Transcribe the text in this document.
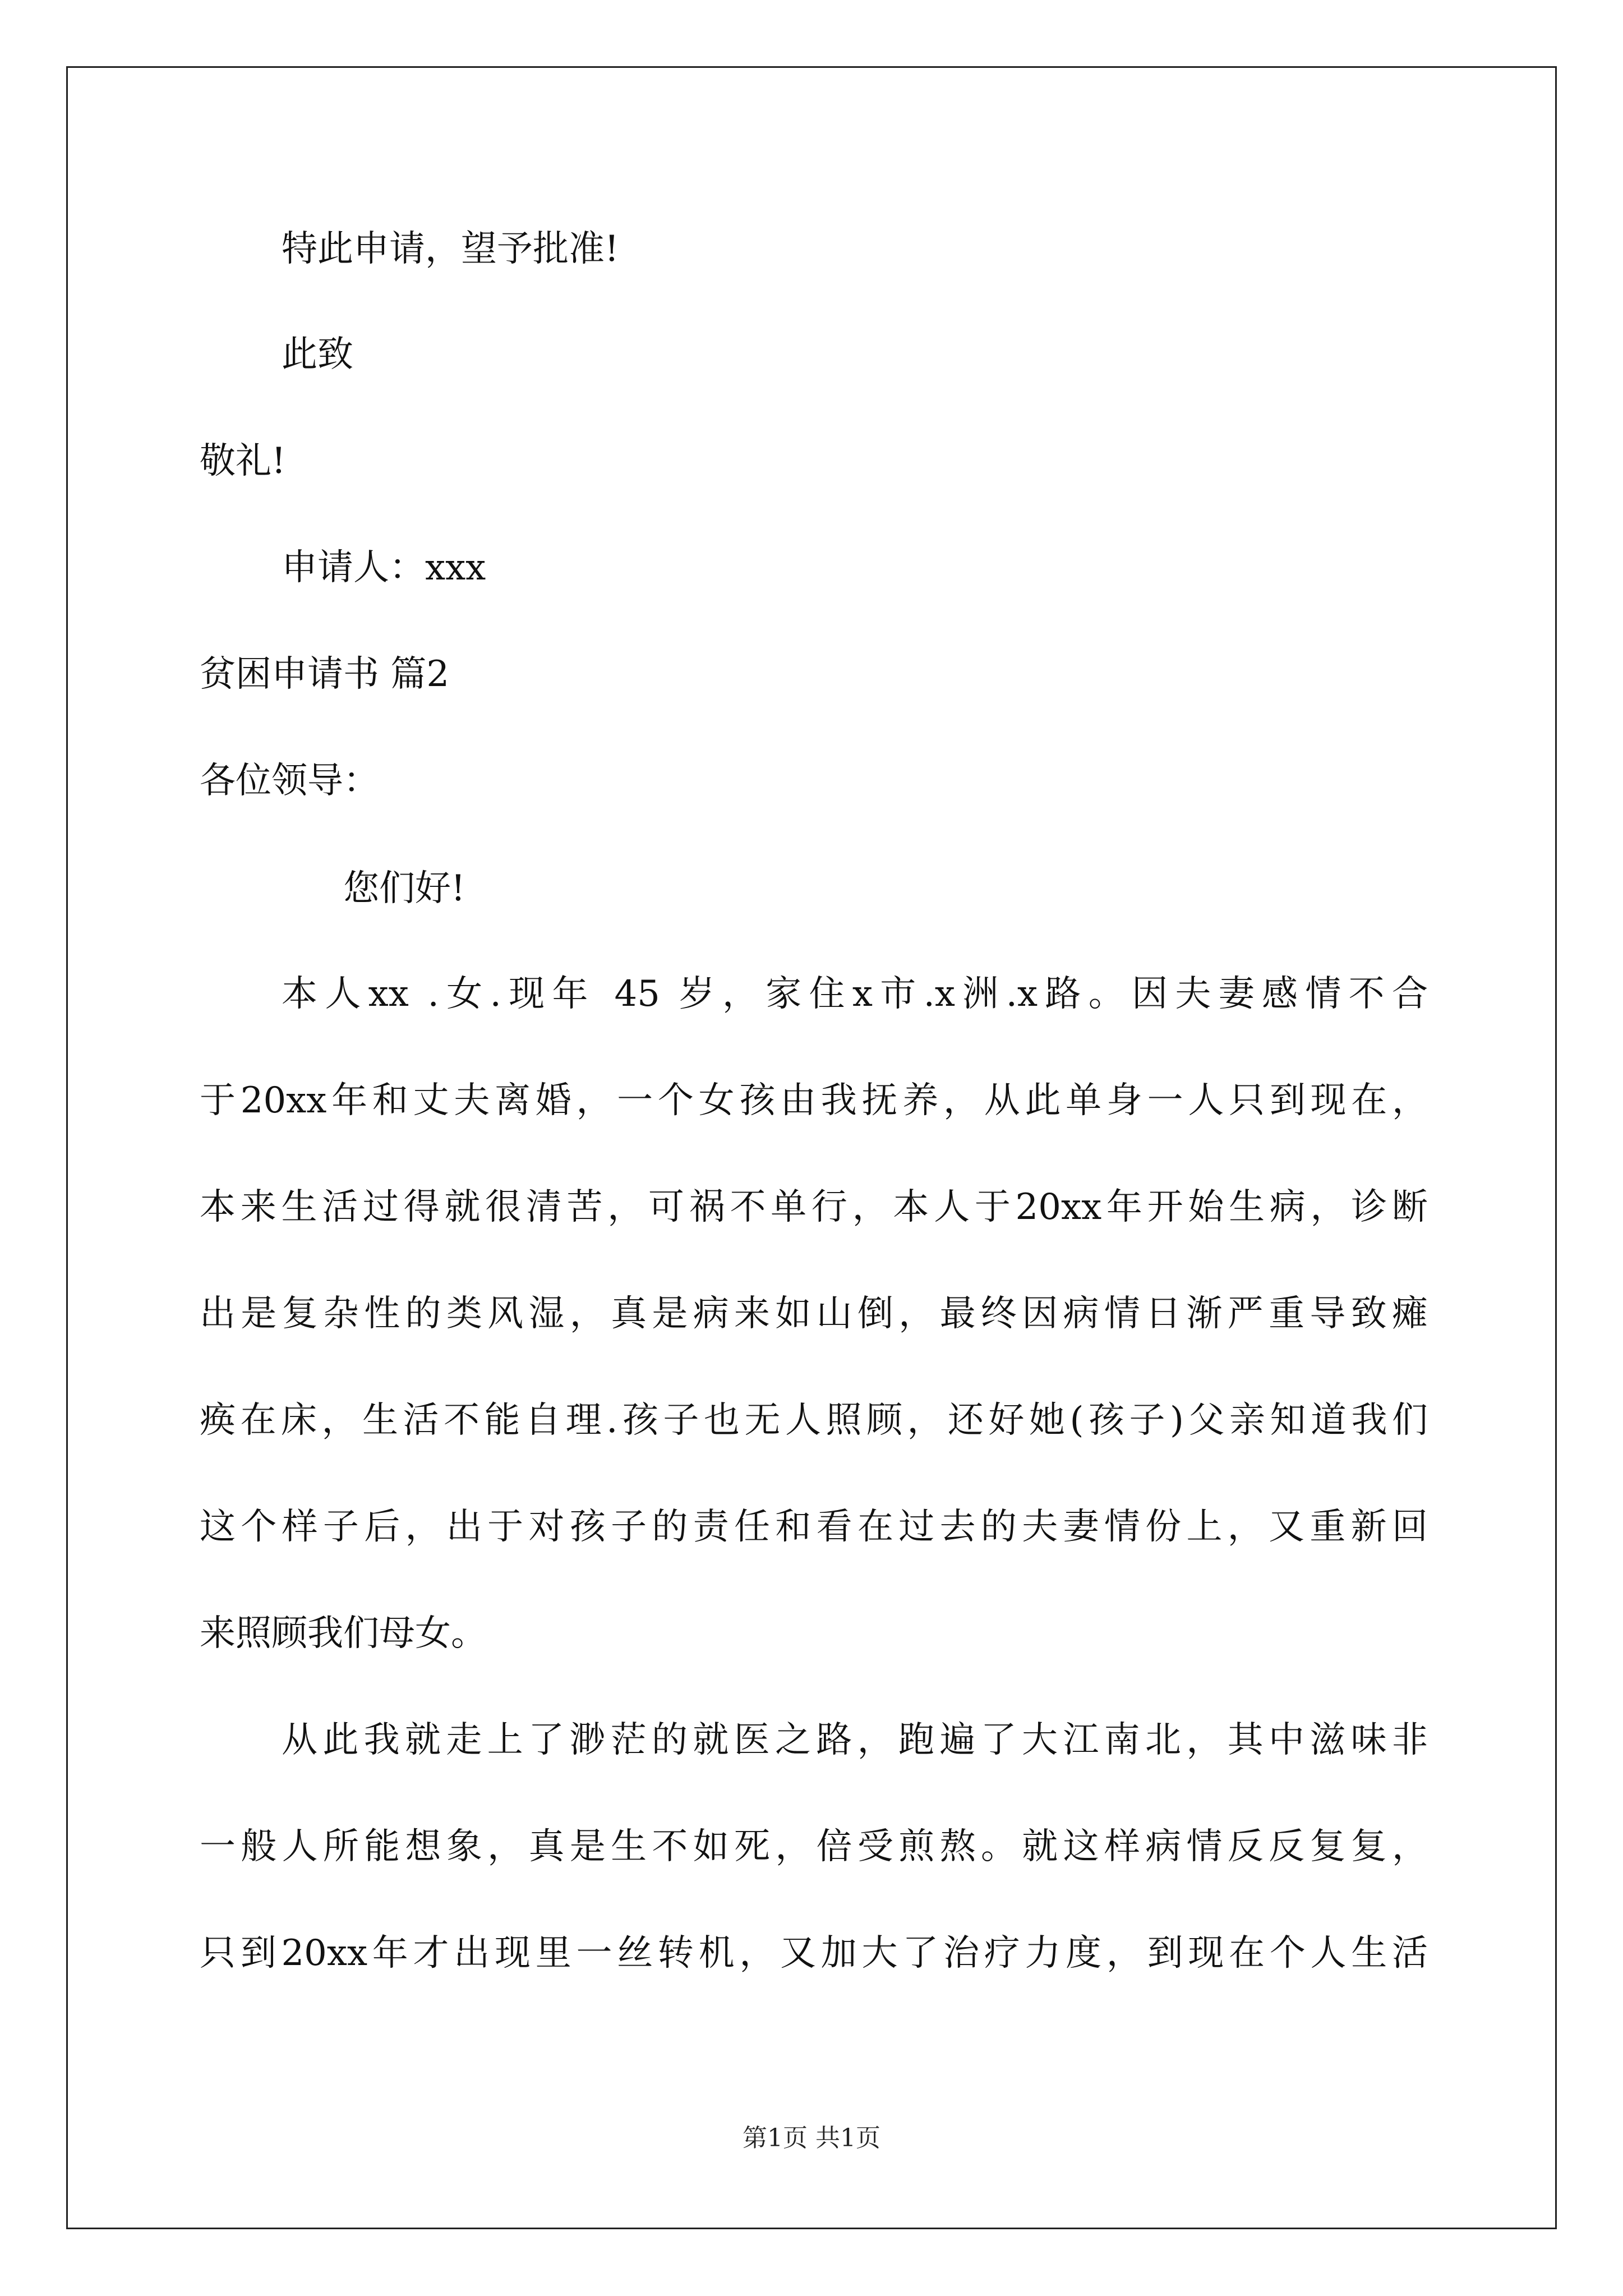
特此申请，望予批准!
此致
敬礼!
申请人：xxx
贫困申请书 篇2
各位领导：
您们好!
本人xx .女.现年 45 岁，家住x市.x洲.x路。因夫妻感情不合
于20xx年和丈夫离婚，一个女孩由我抚养，从此单身一人只到现在，
本来生活过得就很清苦，可祸不单行，本人于20xx年开始生病，诊断
出是复杂性的类风湿，真是病来如山倒，最终因病情日渐严重导致瘫
痪在床，生活不能自理.孩子也无人照顾，还好她(孩子)父亲知道我们
这个样子后，出于对孩子的责任和看在过去的夫妻情份上，又重新回
来照顾我们母女。
从此我就走上了渺茫的就医之路，跑遍了大江南北，其中滋味非
一般人所能想象，真是生不如死，倍受煎熬。就这样病情反反复复，
只到20xx年才出现里一丝转机，又加大了治疗力度，到现在个人生活
第1页 共1页
